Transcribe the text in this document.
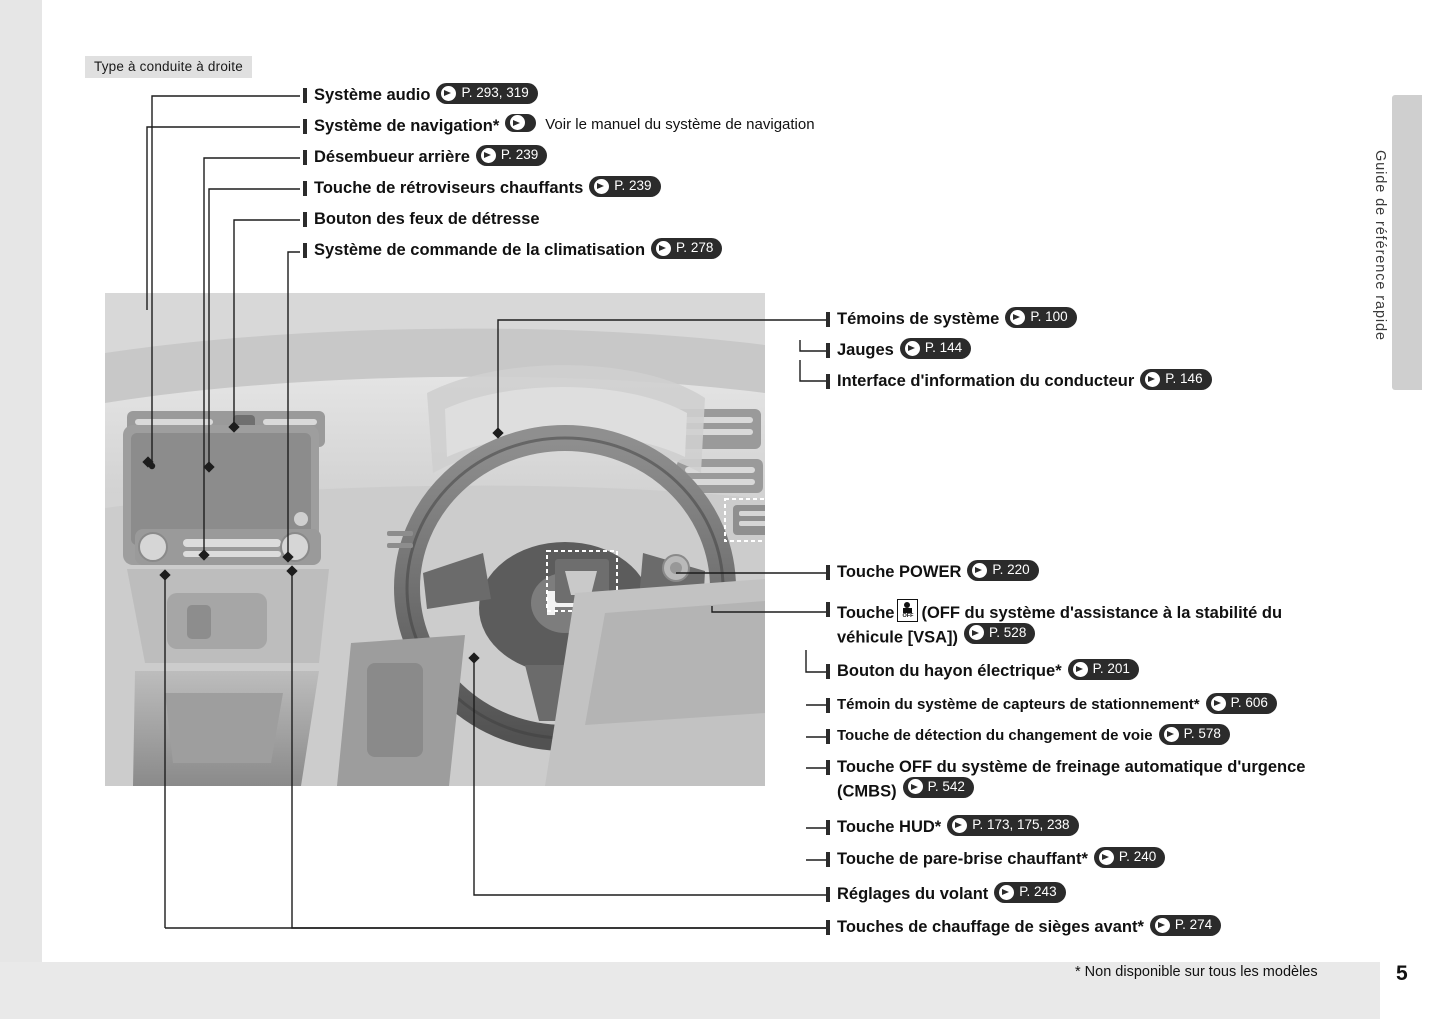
Guide de référence rapide
Type à conduite à droite
Système audio P. 293, 319
Système de navigation *	Voir le manuel du système de navigation
Désembueur arrière P. 239
Touche de rétroviseurs chauffants P. 239
Bouton des feux de détresse
Système de commande de la climatisation P. 278
Témoins de système P. 100
Jauges P. 144
Interface d'information du conducteur P. 146
Touche POWER P. 220
Touche OFF (OFF du système d'assistance à la stabilité du véhicule [VSA]) P. 528
Bouton du hayon électrique * P. 201
Témoin du système de capteurs de stationnement * P. 606
Touche de détection du changement de voie P. 578
Touche OFF du système de freinage automatique d'urgence (CMBS) P. 542
Touche HUD * P. 173, 175, 238
Touche de pare-brise chauffant * P. 240
Réglages du volant P. 243
Touches de chauffage de sièges avant * P. 274
* Non disponible sur tous les modèles	5
